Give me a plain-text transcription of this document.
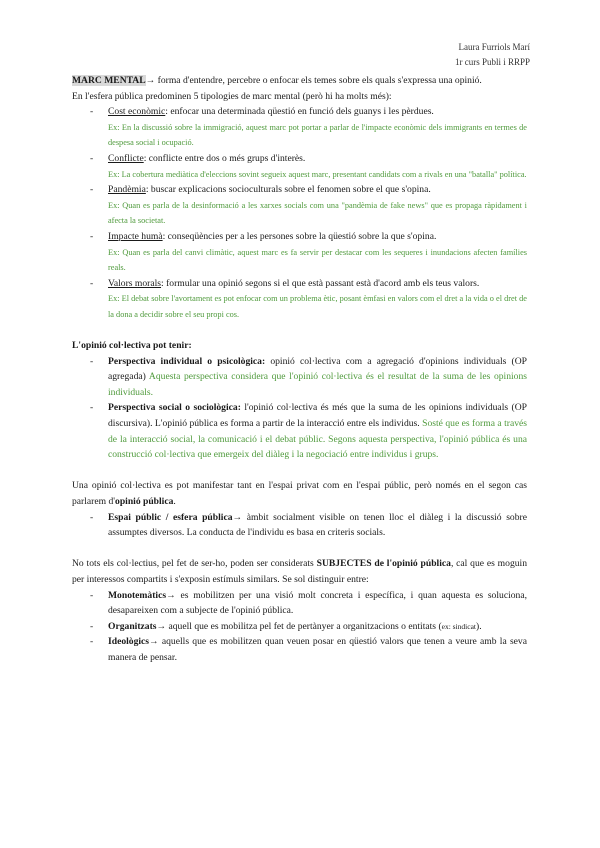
Laura Furriols Marí
1r curs Publi i RRPP

MARC MENTAL→ forma d'entendre, percebre o enfocar els temes sobre els quals s'expressa una opinió.

En l'esfera pública predominen 5 tipologies de marc mental (però hi ha molts més):

- Cost econòmic: enfocar una determinada qüestió en funció dels guanys i les pèrdues.
Ex: En la discussió sobre la immigració, aquest marc pot portar a parlar de l'impacte econòmic dels immigrants en termes de despesa social i ocupació.
- Conflicte: conflicte entre dos o més grups d'interès.
Ex: La cobertura mediàtica d'eleccions sovint segueix aquest marc, presentant candidats com a rivals en una "batalla" política.
- Pandèmia: buscar explicacions socioculturals sobre el fenomen sobre el que s'opina.
Ex: Quan es parla de la desinformació a les xarxes socials com una "pandèmia de fake news" que es propaga ràpidament i afecta la societat.
- Impacte humà: conseqüències per a les persones sobre la qüestió sobre la que s'opina.
Ex: Quan es parla del canvi climàtic, aquest marc es fa servir per destacar com les sequeres i inundacions afecten famílies reals.
- Valors morals: formular una opinió segons si el que està passant està d'acord amb els teus valors.
Ex: El debat sobre l'avortament es pot enfocar com un problema ètic, posant èmfasi en valors com el dret a la vida o el dret de la dona a decidir sobre el seu propi cos.

L'opinió col·lectiva pot tenir:

- Perspectiva individual o psicològica: opinió col·lectiva com a agregació d'opinions individuals (OP agregada) Aquesta perspectiva considera que l'opinió col·lectiva és el resultat de la suma de les opinions individuals.
- Perspectiva social o sociològica: l'opinió col·lectiva és més que la suma de les opinions individuals (OP discursiva). L'opinió pública es forma a partir de la interacció entre els individus. Sosté que es forma a través de la interacció social, la comunicació i el debat públic. Segons aquesta perspectiva, l'opinió pública és una construcció col·lectiva que emergeix del diàleg i la negociació entre individus i grups.

Una opinió col·lectiva es pot manifestar tant en l'espai privat com en l'espai públic, però només en el segon cas parlarem d'opinió pública.

- Espai públic / esfera pública→ àmbit socialment visible on tenen lloc el diàleg i la discussió sobre assumptes diversos. La conducta de l'individu es basa en criteris socials.

No tots els col·lectius, pel fet de ser-ho, poden ser considerats SUBJECTES de l'opinió pública, cal que es moguin per interessos compartits i s'exposin estímuls similars. Se sol distinguir entre:

- Monotemàtics→ es mobilitzen per una visió molt concreta i específica, i quan aquesta es soluciona, desapareixen com a subjecte de l'opinió pública.
- Organitzats→ aquell que es mobilitza pel fet de pertànyer a organitzacions o entitats (ex: sindicat).
- Ideològics→ aquells que es mobilitzen quan veuen posar en qüestió valors que tenen a veure amb la seva manera de pensar.
